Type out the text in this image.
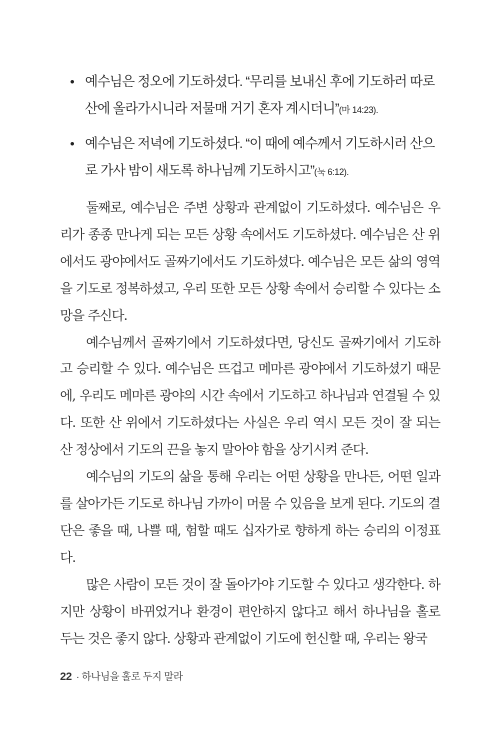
• 예수님은 정오에 기도하셨다. “무리를 보내신 후에 기도하러 따로 산에 올라가시니라 저물매 거기 혼자 계시더니”(마 14:23).
• 예수님은 저녁에 기도하셨다. “이 때에 예수께서 기도하시러 산으로 가사 밤이 새도록 하나님께 기도하시고”(눅 6:12).

둘째로, 예수님은 주변 상황과 관계없이 기도하셨다. 예수님은 우리가 종종 만나게 되는 모든 상황 속에서도 기도하셨다. 예수님은 산 위에서도 광야에서도 골짜기에서도 기도하셨다. 예수님은 모든 삶의 영역을 기도로 정복하셨고, 우리 또한 모든 상황 속에서 승리할 수 있다는 소망을 주신다.

예수님께서 골짜기에서 기도하셨다면, 당신도 골짜기에서 기도하고 승리할 수 있다. 예수님은 뜨겁고 메마른 광야에서 기도하셨기 때문에, 우리도 메마른 광야의 시간 속에서 기도하고 하나님과 연결될 수 있다. 또한 산 위에서 기도하셨다는 사실은 우리 역시 모든 것이 잘 되는 산 정상에서 기도의 끈을 놓지 말아야 함을 상기시켜 준다.

예수님의 기도의 삶을 통해 우리는 어떤 상황을 만나든, 어떤 일과를 살아가든 기도로 하나님 가까이 머물 수 있음을 보게 된다. 기도의 결단은 좋을 때, 나쁠 때, 험할 때도 십자가로 향하게 하는 승리의 이정표다.

많은 사람이 모든 것이 잘 돌아가야 기도할 수 있다고 생각한다. 하지만 상황이 바뀌었거나 환경이 편안하지 않다고 해서 하나님을 홀로 두는 것은 좋지 않다. 상황과 관계없이 기도에 헌신할 때, 우리는 왕국

22 · 하나님을 홀로 두지 말라
